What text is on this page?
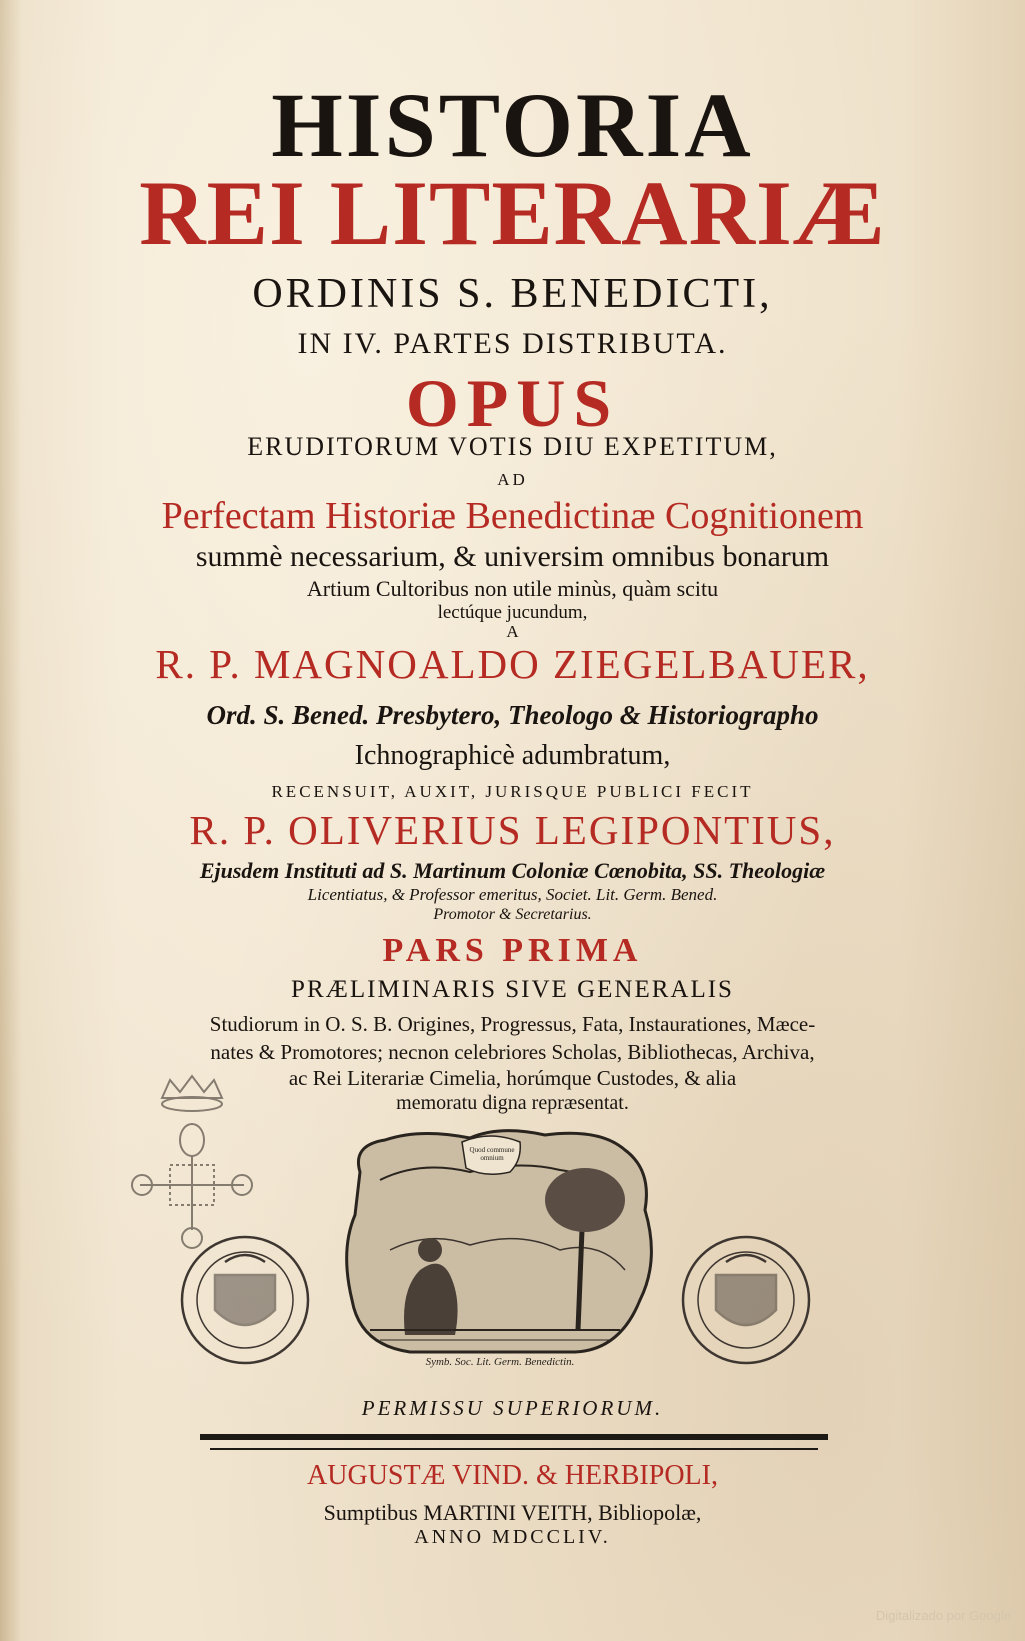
HISTORIA
REI LITERARIÆ
ORDINIS S. BENEDICTI,
IN IV. PARTES DISTRIBUTA.
OPUS
ERUDITORUM VOTIS DIU EXPETITUM,
AD
Perfectam Historiæ Benedictinæ Cognitionem
summè necessarium, & universim omnibus bonarum
Artium Cultoribus non utile minùs, quàm scitu
lectúque jucundum,
A
R. P. MAGNOALDO ZIEGELBAUER,
Ord. S. Bened. Presbytero, Theologo & Historiographo
Ichnographicè adumbratum,
RECENSUIT, AUXIT, JURISQUE PUBLICI FECIT
R. P. OLIVERIUS LEGIPONTIUS,
Ejusdem Instituti ad S. Martinum Coloniæ Cœnobita, SS. Theologiæ
Licentiatus, & Professor emeritus, Societ. Lit. Germ. Bened.
Promotor & Secretarius.
PARS PRIMA
PRÆLIMINARIS SIVE GENERALIS
Studiorum in O. S. B. Origines, Progressus, Fata, Instaurationes, Mæce-
nates & Promotores; necnon celebriores Scholas, Bibliothecas, Archiva,
ac Rei Literariæ Cimelia, horúmque Custodes, & alia
memoratu digna repræsentat.
Quod commune omnium
Symb. Soc. Lit. Germ. Benedictin.
PERMISSU SUPERIORUM.
AUGUSTÆ VIND. & HERBIPOLI,
Sumptibus MARTINI VEITH, Bibliopolæ,
ANNO MDCCLIV.
Digitalizado por Google
